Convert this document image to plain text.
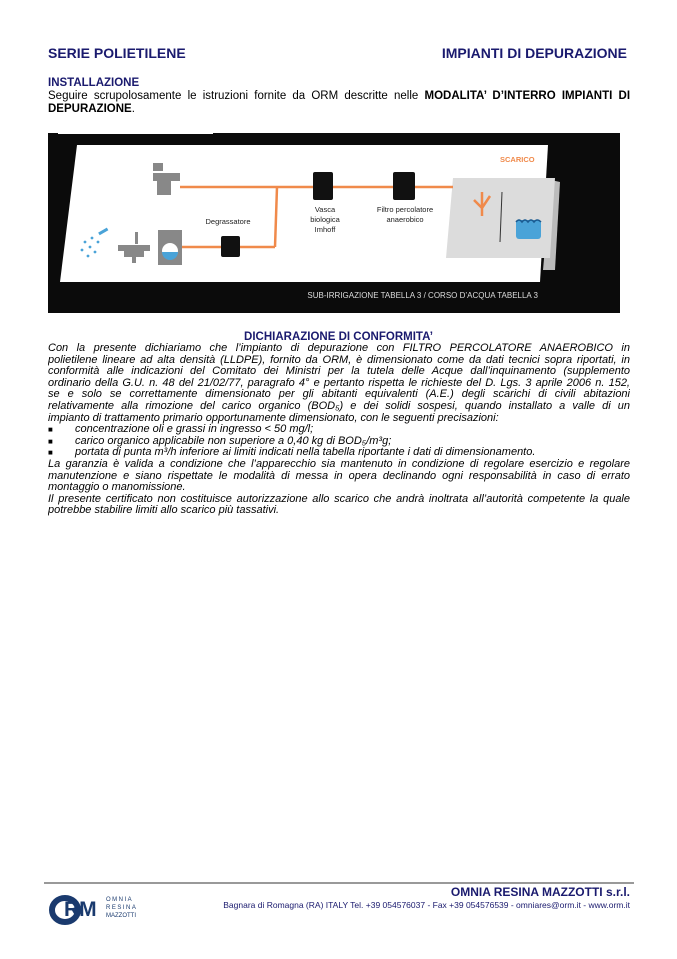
SERIE POLIETILENE	IMPIANTI DI DEPURAZIONE
INSTALLAZIONE
Seguire scrupolosamente le istruzioni fornite da ORM descritte nelle MODALITA’ D’INTERRO IMPIANTI DI DEPURAZIONE.
SCARICO
Degrassatore
Vasca
biologica
Imhoff
Filtro percolatore
anaerobico
SUB-IRRIGAZIONE TABELLA 3 / CORSO D’ACQUA TABELLA 3
DICHIARAZIONE DI CONFORMITA’
Con la presente dichiariamo che l’impianto di depurazione con FILTRO PERCOLATORE ANAEROBICO in
polietilene lineare ad alta densità (LLDPE), fornito da ORM, è dimensionato come da dati tecnici sopra riportati, in
conformità alle indicazioni del Comitato dei Ministri per la tutela delle Acque dall’inquinamento (supplemento
ordinario della G.U. n. 48 del 21/02/77, paragrafo 4° e pertanto rispetta le richieste del D. Lgs. 3 aprile 2006 n. 152,
se e solo se correttamente dimensionato per gli abitanti equivalenti (A.E.) degli scarichi di civili abitazioni
relativamente alla rimozione del carico organico (BOD₅) e dei solidi sospesi, quando installato a valle di un
impianto di trattamento primario opportunamente dimensionato, con le seguenti precisazioni:
■	concentrazione oli e grassi in ingresso < 50 mg/l;
■	carico organico applicabile non superiore a 0,40 kg di BOD₅/m³g;
■	portata di punta m³/h inferiore ai limiti indicati nella tabella riportante i dati di dimensionamento.
La garanzia è valida a condizione che l’apparecchio sia mantenuto in condizione di regolare esercizio e regolare
manutenzione e siano rispettate le modalità di messa in opera declinando ogni responsabilità in caso di errato
montaggio o manomissione.
Il presente certificato non costituisce autorizzazione allo scarico che andrà inoltrata all’autorità competente la quale
potrebbe stabilire limiti allo scarico più tassativi.
RM OMNIA
RESINA
MAZZOTTI
OMNIA RESINA MAZZOTTI s.r.l.
Bagnara di Romagna (RA) ITALY Tel. +39 054576037 - Fax +39 054576539 - omniares@orm.it - www.orm.it
